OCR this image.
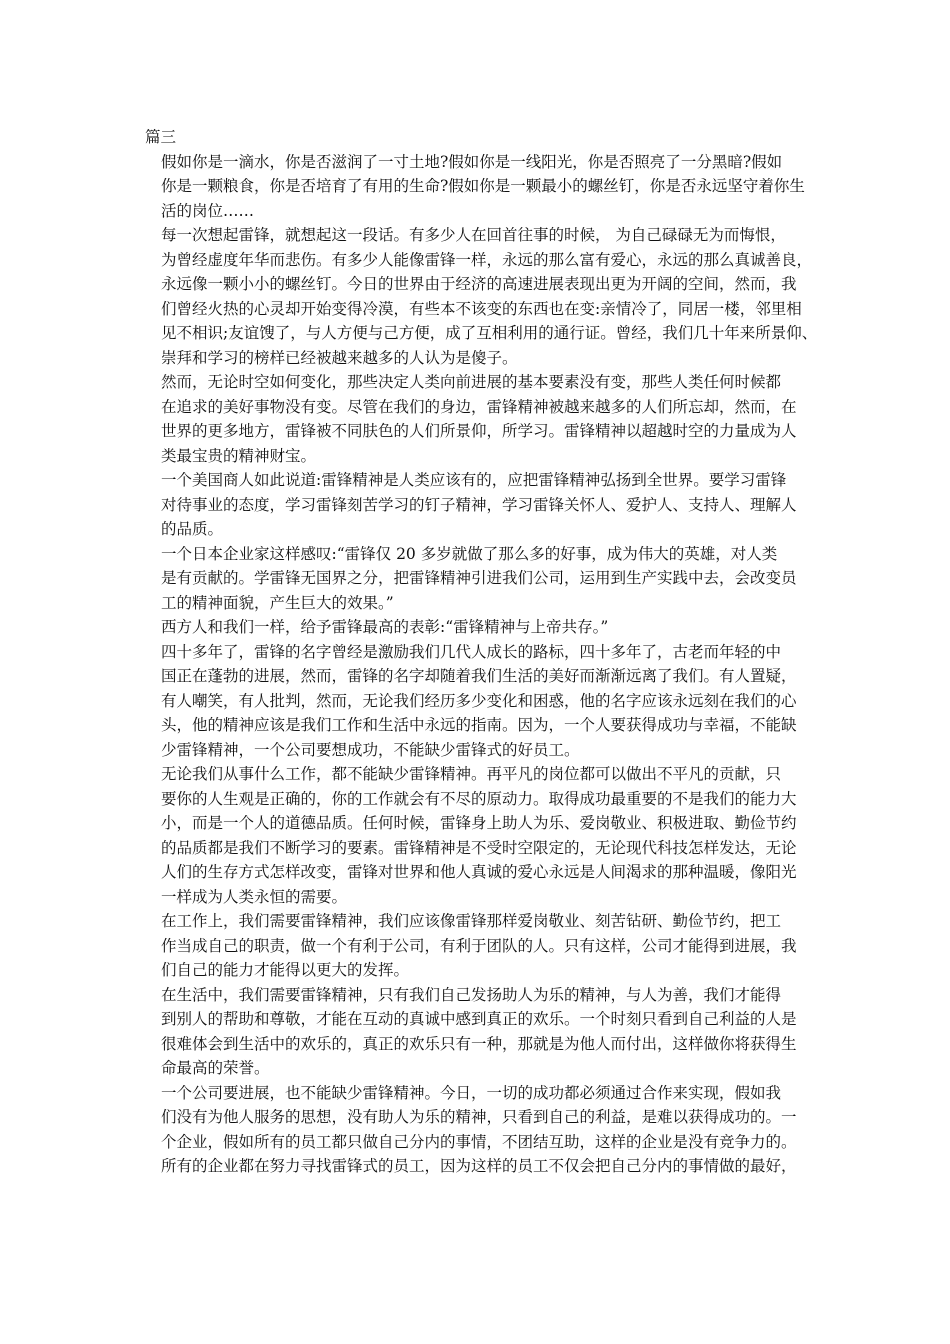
篇三

假如你是一滴水，你是否滋润了一寸土地?假如你是一线阳光，你是否照亮了一分黑暗?假如
你是一颗粮食，你是否培育了有用的生命?假如你是一颗最小的螺丝钉，你是否永远坚守着你生
活的岗位……

每一次想起雷锋，就想起这一段话。有多少人在回首往事的时候， 为自己碌碌无为而悔恨，
为曾经虚度年华而悲伤。有多少人能像雷锋一样，永远的那么富有爱心，永远的那么真诚善良，
永远像一颗小小的螺丝钉。今日的世界由于经济的高速进展表现出更为开阔的空间，然而，我
们曾经火热的心灵却开始变得冷漠，有些本不该变的东西也在变:亲情冷了，同居一楼，邻里相
见不相识;友谊馊了，与人方便与己方便，成了互相利用的通行证。曾经，我们几十年来所景仰、
崇拜和学习的榜样已经被越来越多的人认为是傻子。

然而，无论时空如何变化，那些决定人类向前进展的基本要素没有变，那些人类任何时候都
在追求的美好事物没有变。尽管在我们的身边，雷锋精神被越来越多的人们所忘却，然而，在
世界的更多地方，雷锋被不同肤色的人们所景仰，所学习。雷锋精神以超越时空的力量成为人
类最宝贵的精神财宝。

一个美国商人如此说道:雷锋精神是人类应该有的，应把雷锋精神弘扬到全世界。要学习雷锋
对待事业的态度，学习雷锋刻苦学习的钉子精神，学习雷锋关怀人、爱护人、支持人、理解人
的品质。

一个日本企业家这样感叹:“雷锋仅 20 多岁就做了那么多的好事，成为伟大的英雄，对人类
是有贡献的。学雷锋无国界之分，把雷锋精神引进我们公司，运用到生产实践中去，会改变员
工的精神面貌，产生巨大的效果。”

西方人和我们一样，给予雷锋最高的表彰:“雷锋精神与上帝共存。”

四十多年了，雷锋的名字曾经是激励我们几代人成长的路标，四十多年了，古老而年轻的中
国正在蓬勃的进展，然而，雷锋的名字却随着我们生活的美好而渐渐远离了我们。有人置疑，
有人嘲笑，有人批判，然而，无论我们经历多少变化和困惑，他的名字应该永远刻在我们的心
头，他的精神应该是我们工作和生活中永远的指南。因为，一个人要获得成功与幸福，不能缺
少雷锋精神，一个公司要想成功，不能缺少雷锋式的好员工。

无论我们从事什么工作，都不能缺少雷锋精神。再平凡的岗位都可以做出不平凡的贡献，只
要你的人生观是正确的，你的工作就会有不尽的原动力。取得成功最重要的不是我们的能力大
小，而是一个人的道德品质。任何时候，雷锋身上助人为乐、爱岗敬业、积极进取、勤俭节约
的品质都是我们不断学习的要素。雷锋精神是不受时空限定的，无论现代科技怎样发达，无论
人们的生存方式怎样改变，雷锋对世界和他人真诚的爱心永远是人间渴求的那种温暖，像阳光
一样成为人类永恒的需要。

在工作上，我们需要雷锋精神，我们应该像雷锋那样爱岗敬业、刻苦钻研、勤俭节约，把工
作当成自己的职责，做一个有利于公司，有利于团队的人。只有这样，公司才能得到进展，我
们自己的能力才能得以更大的发挥。

在生活中，我们需要雷锋精神，只有我们自己发扬助人为乐的精神，与人为善，我们才能得
到别人的帮助和尊敬，才能在互动的真诚中感到真正的欢乐。一个时刻只看到自己利益的人是
很难体会到生活中的欢乐的，真正的欢乐只有一种，那就是为他人而付出，这样做你将获得生
命最高的荣誉。

一个公司要进展，也不能缺少雷锋精神。今日，一切的成功都必须通过合作来实现，假如我
们没有为他人服务的思想，没有助人为乐的精神，只看到自己的利益，是难以获得成功的。一
个企业，假如所有的员工都只做自己分内的事情，不团结互助，这样的企业是没有竞争力的。
所有的企业都在努力寻找雷锋式的员工，因为这样的员工不仅会把自己分内的事情做的最好，
